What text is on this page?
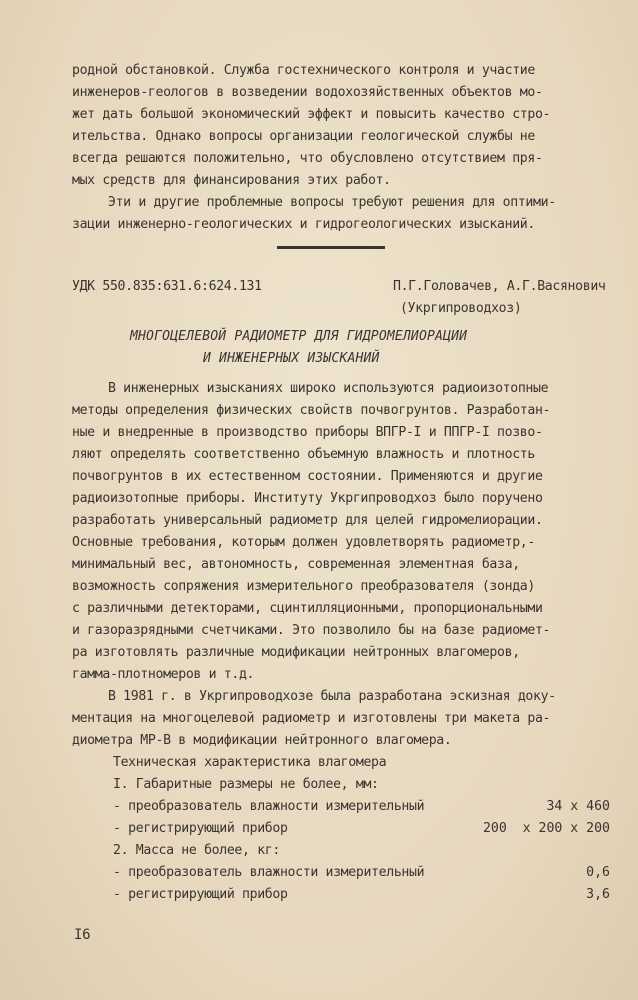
родной обстановкой. Служба гостехнического контроля и участие
инженеров-геологов в возведении водохозяйственных объектов мо-
жет дать большой экономический эффект и повысить качество стро-
ительства. Однако вопросы организации геологической службы не
всегда решаются положительно, что обусловлено отсутствием пря-
мых средств для финансирования этих работ.
Эти и другие проблемные вопросы требуют решения для оптими-
зации инженерно-геологических и гидрогеологических изысканий.
УДК 550.835:631.6:624.131	П.Г.Головачев, А.Г.Васянович
(Укргипроводхоз)
МНОГОЦЕЛЕВОЙ РАДИОМЕТР ДЛЯ ГИДРОМЕЛИОРАЦИИ
И ИНЖЕНЕРНЫХ ИЗЫСКАНИЙ
В инженерных изысканиях широко используются радиоизотопные
методы определения физических свойств почвогрунтов. Разработан-
ные и внедренные в производство приборы ВПГР-I и ППГР-I позво-
ляют определять соответственно объемную влажность и плотность
почвогрунтов в их естественном состоянии. Применяются и другие
радиоизотопные приборы. Институту Укргипроводхоз было поручено
разработать универсальный радиометр для целей гидромелиорации.
Основные требования, которым должен удовлетворять радиометр,-
минимальный вес, автономность, современная элементная база,
возможность сопряжения измерительного преобразователя (зонда)
с различными детекторами, сцинтилляционными, пропорциональными
и газоразрядными счетчиками. Это позволило бы на базе радиомет-
ра изготовлять различные модификации нейтронных влагомеров,
гамма-плотномеров и т.д.
В 1981 г. в Укргипроводхозе была разработана эскизная доку-
ментация на многоцелевой радиометр и изготовлены три макета ра-
диометра МР-В в модификации нейтронного влагомера.
Техническая характеристика влагомера
I. Габаритные размеры не более, мм:
- преобразователь влажности измерительный	34 х 460
- регистрирующий прибор	200  х 200 х 200
2. Масса не более, кг:
- преобразователь влажности измерительный	0,6
- регистрирующий прибор	3,6
I6
